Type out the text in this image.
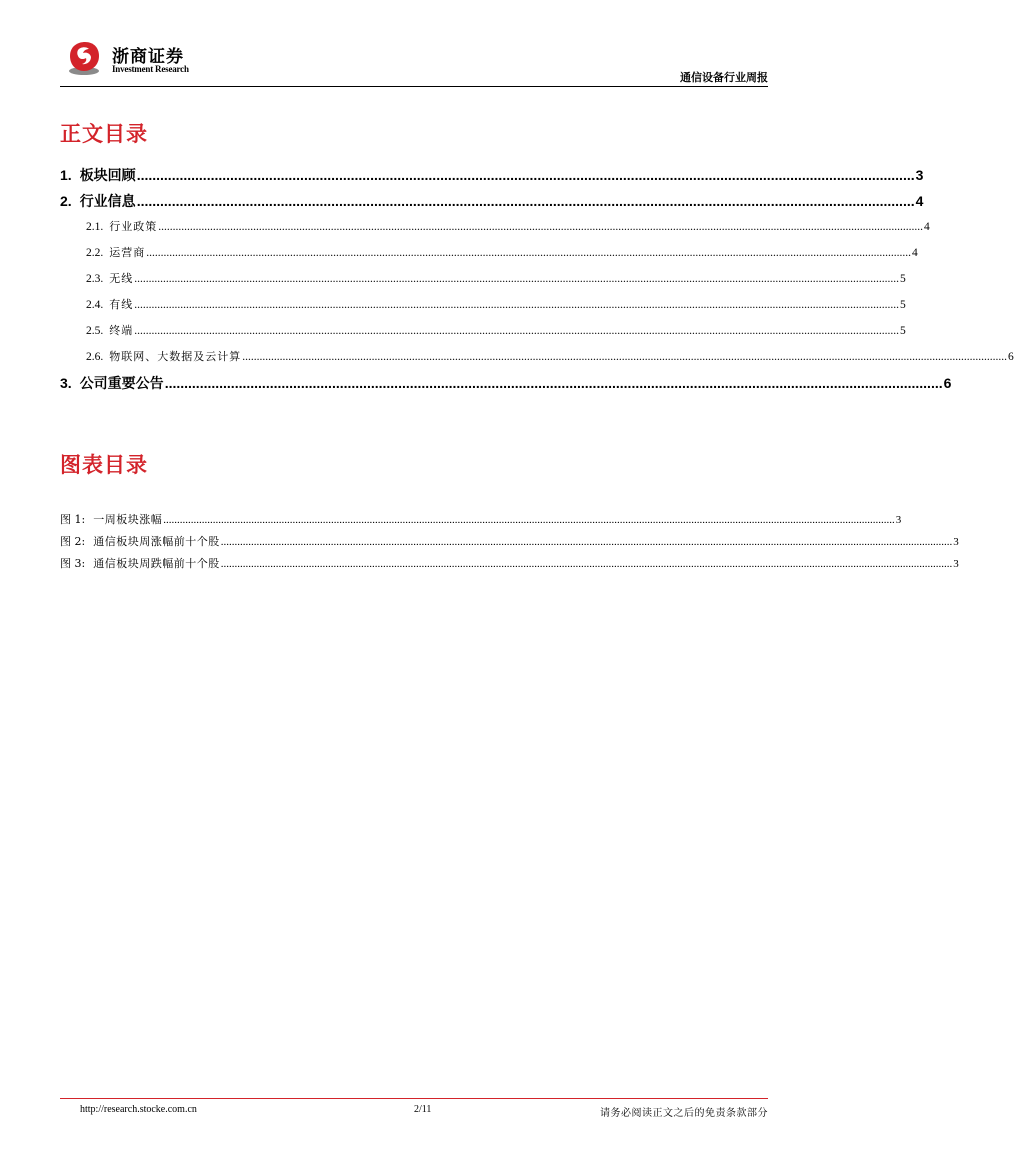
浙商证券
Investment Research
通信设备行业周报
正文目录
1. 板块回顾 ........................................................................................................................................................................................................ 3
2. 行业信息 ........................................................................................................................................................................................................ 4
2.1. 行业政策 .......................................................................................................................................................................................................................................................................... 4
2.2. 运营商 .......................................................................................................................................................................................................................................................................... 4
2.3. 无线 .......................................................................................................................................................................................................................................................................... 5
2.4. 有线 .......................................................................................................................................................................................................................................................................... 5
2.5. 终端 .......................................................................................................................................................................................................................................................................... 5
2.6. 物联网、大数据及云计算 .......................................................................................................................................................................................................................................................................... 6
3. 公司重要公告 ........................................................................................................................................................................................................ 6
图表目录
图 1: 一周板块涨幅 .......................................................................................................................................................................................................................................................................... 3
图 2: 通信板块周涨幅前十个股 .......................................................................................................................................................................................................................................................................... 3
图 3: 通信板块周跌幅前十个股 .......................................................................................................................................................................................................................................................................... 3
http://research.stocke.com.cn	2/11	请务必阅读正文之后的免责条款部分
